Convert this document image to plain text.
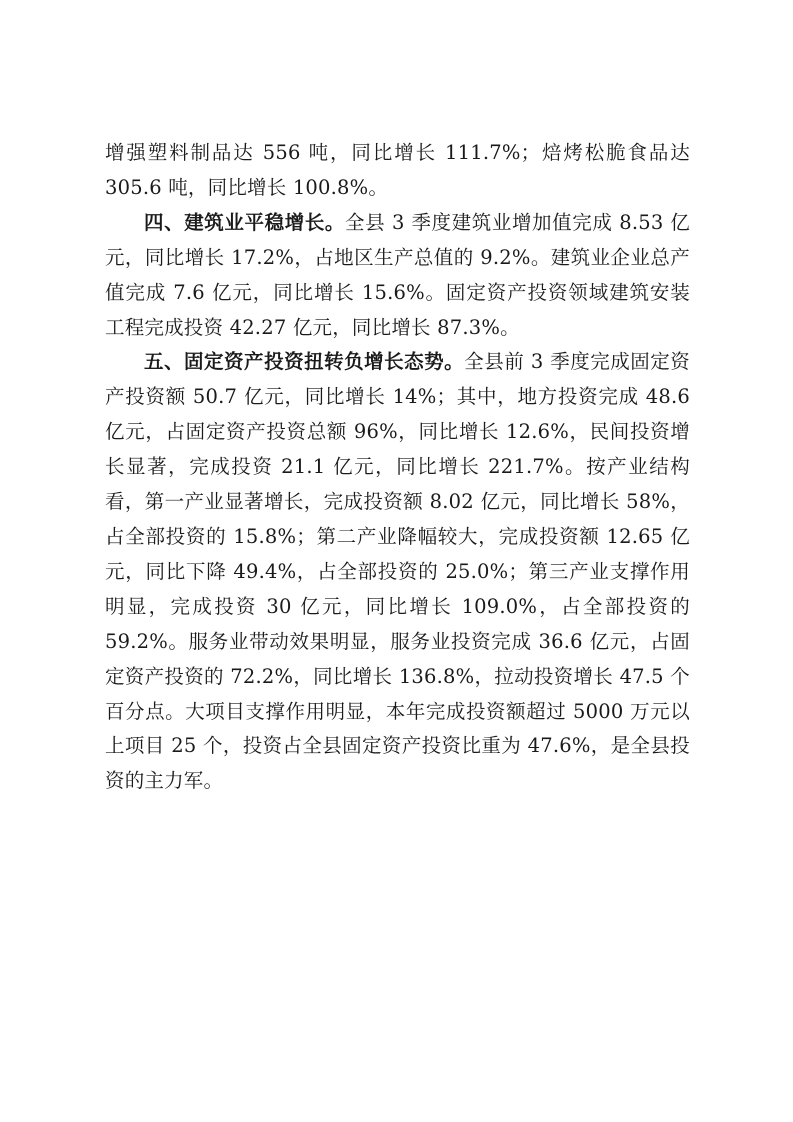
增强塑料制品达 556 吨，同比增长 111.7%；焙烤松脆食品达 305.6 吨，同比增长 100.8%。

四、建筑业平稳增长。全县 3 季度建筑业增加值完成 8.53 亿元，同比增长 17.2%，占地区生产总值的 9.2%。建筑业企业总产值完成 7.6 亿元，同比增长 15.6%。固定资产投资领域建筑安装工程完成投资 42.27 亿元，同比增长 87.3%。

五、固定资产投资扭转负增长态势。全县前 3 季度完成固定资产投资额 50.7 亿元，同比增长 14%；其中，地方投资完成 48.6 亿元，占固定资产投资总额 96%，同比增长 12.6%，民间投资增长显著，完成投资 21.1 亿元，同比增长 221.7%。按产业结构看，第一产业显著增长，完成投资额 8.02 亿元，同比增长 58%，占全部投资的 15.8%；第二产业降幅较大，完成投资额 12.65 亿元，同比下降 49.4%，占全部投资的 25.0%；第三产业支撑作用明显，完成投资 30 亿元，同比增长 109.0%，占全部投资的 59.2%。服务业带动效果明显，服务业投资完成 36.6 亿元，占固定资产投资的 72.2%，同比增长 136.8%，拉动投资增长 47.5 个百分点。大项目支撑作用明显，本年完成投资额超过 5000 万元以上项目 25 个，投资占全县固定资产投资比重为 47.6%，是全县投资的主力军。
